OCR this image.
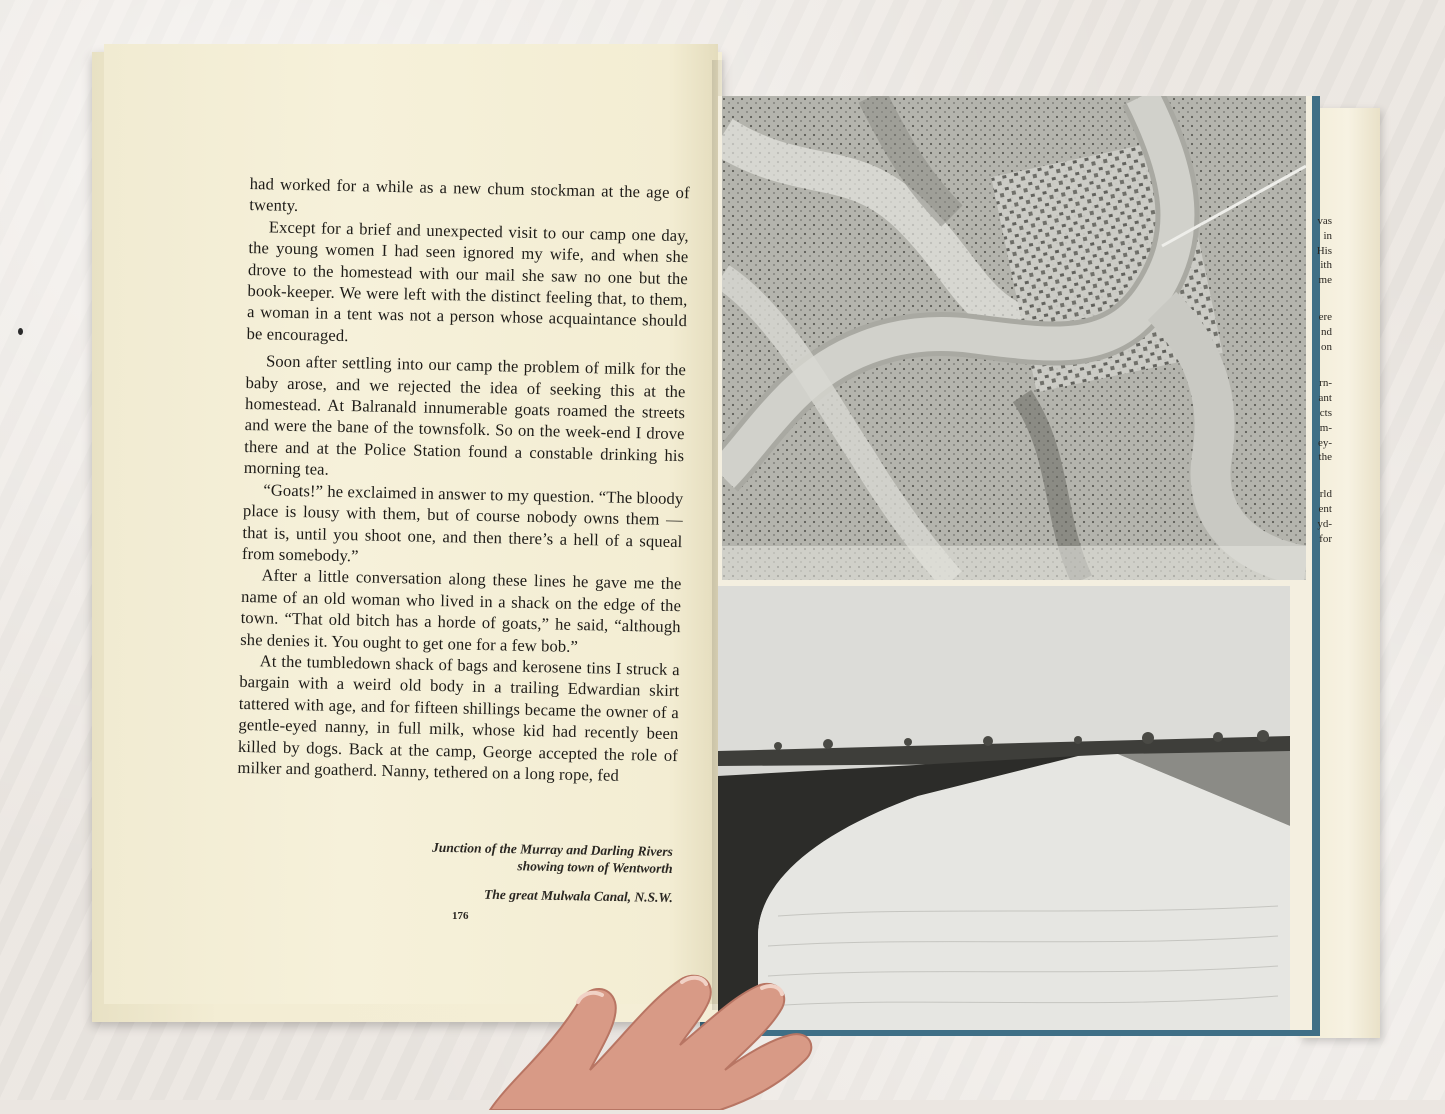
had worked for a while as a new chum stockman at the age of twenty.

Except for a brief and unexpected visit to our camp one day, the young women I had seen ignored my wife, and when she drove to the homestead with our mail she saw no one but the book-keeper. We were left with the distinct feeling that, to them, a woman in a tent was not a person whose acquaintance should be encouraged.

Soon after settling into our camp the problem of milk for the baby arose, and we rejected the idea of seeking this at the homestead. At Balranald innumerable goats roamed the streets and were the bane of the townsfolk. So on the week-end I drove there and at the Police Station found a constable drinking his morning tea.

“Goats!” he exclaimed in answer to my question. “The bloody place is lousy with them, but of course nobody owns them — that is, until you shoot one, and then there’s a hell of a squeal from somebody.”

After a little conversation along these lines he gave me the name of an old woman who lived in a shack on the edge of the town. “That old bitch has a horde of goats,” he said, “although she denies it. You ought to get one for a few bob.”

At the tumbledown shack of bags and kerosene tins I struck a bargain with a weird old body in a trailing Edwardian skirt tattered with age, and for fifteen shillings became the owner of a gentle-eyed nanny, in full milk, whose kid had recently been killed by dogs. Back at the camp, George accepted the role of milker and goatherd. Nanny, tethered on a long rope, fed

Junction of the Murray and Darling Rivers
showing town of Wentworth
The great Mulwala Canal, N.S.W.
176
vas
in
His
ith
me
ere
nd
on
rn-
ant
cts
m-
ey-
the
rld
ent
yd-
for
